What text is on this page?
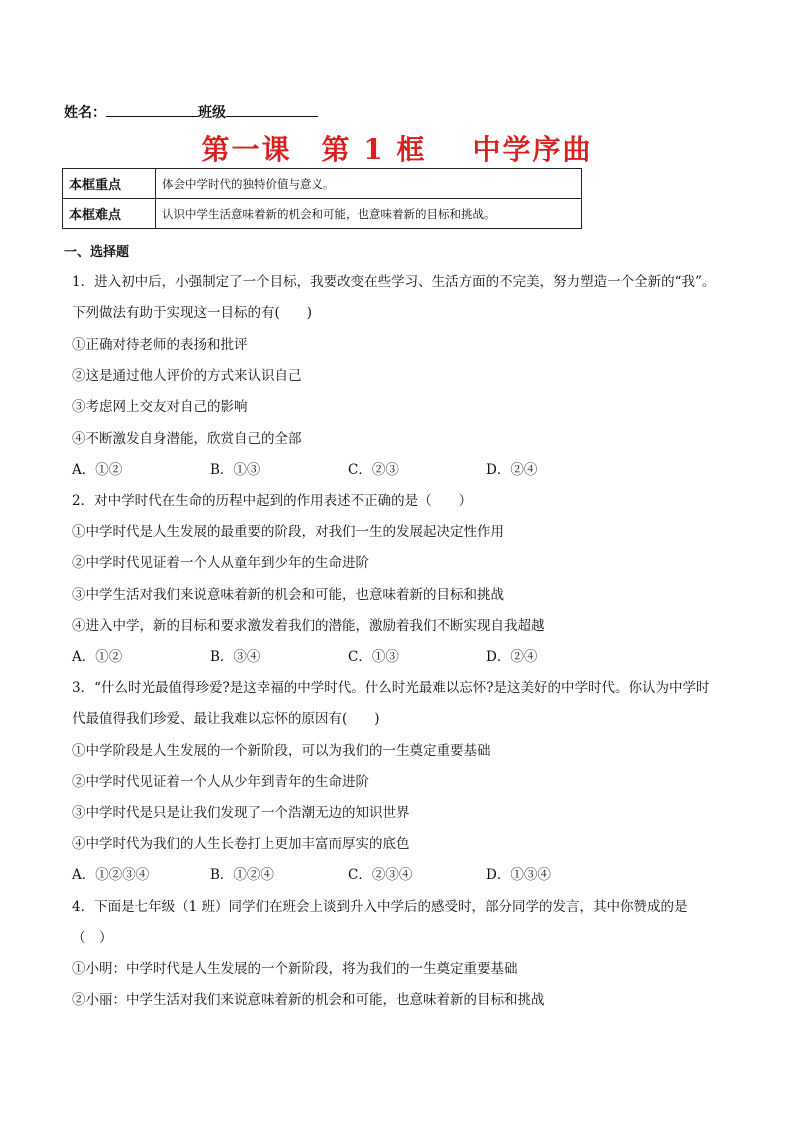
姓名：	班级
第一课 第 1 框 中学序曲
本框重点	体会中学时代的独特价值与意义。
本框难点	认识中学生活意味着新的机会和可能，也意味着新的目标和挑战。
一、选择题
1．进入初中后，小强制定了一个目标，我要改变在些学习、生活方面的不完美，努力塑造一个全新的“我”。
下列做法有助于实现这一目标的有(　　)
①正确对待老师的表扬和批评
②这是通过他人评价的方式来认识自己
③考虑网上交友对自己的影响
④不断激发自身潜能，欣赏自己的全部
A．①②	B．①③	C．②③	D．②④
2．对中学时代在生命的历程中起到的作用表述不正确的是（　　）
①中学时代是人生发展的最重要的阶段，对我们一生的发展起决定性作用
②中学时代见证着一个人从童年到少年的生命进阶
③中学生活对我们来说意味着新的机会和可能，也意味着新的目标和挑战
④进入中学，新的目标和要求激发着我们的潜能，激励着我们不断实现自我超越
A．①②	B．③④	C．①③	D．②④
3．“什么时光最值得珍爱?是这幸福的中学时代。什么时光最难以忘怀?是这美好的中学时代。你认为中学时
代最值得我们珍爱、最让我难以忘怀的原因有(　　)
①中学阶段是人生发展的一个新阶段，可以为我们的一生奠定重要基础
②中学时代见证着一个人从少年到青年的生命进阶
③中学时代是只是让我们发现了一个浩潮无边的知识世界
④中学时代为我们的人生长卷打上更加丰富而厚实的底色
A．①②③④	B．①②④	C．②③④	D．①③④
4．下面是七年级（1 班）同学们在班会上谈到升入中学后的感受时，部分同学的发言，其中你赞成的是
（　）
①小明：中学时代是人生发展的一个新阶段，将为我们的一生奠定重要基础
②小丽：中学生活对我们来说意味着新的机会和可能，也意味着新的目标和挑战
